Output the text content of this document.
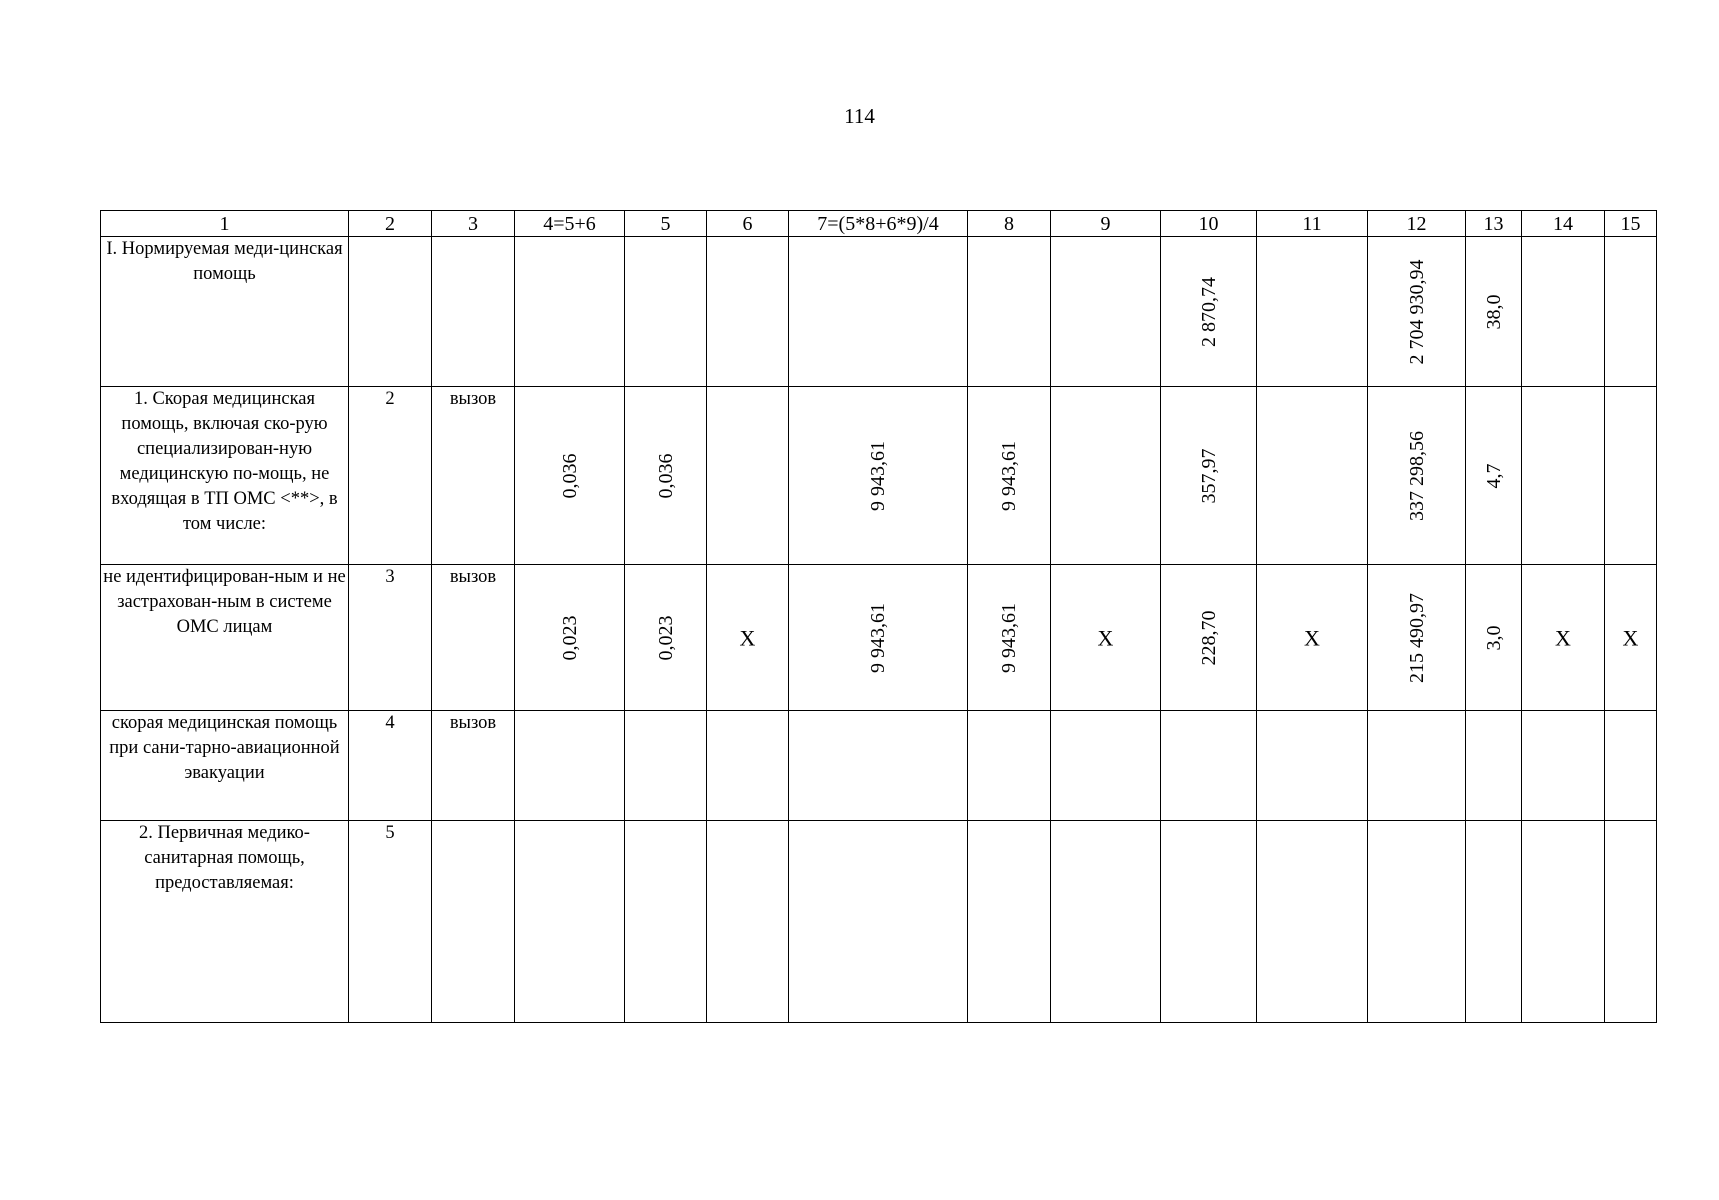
114
1	2	3	4=5+6	5	6	7=(5*8+6*9)/4	8	9	10	11	12	13	14	15
I. Нормируемая меди-цинская помощь									2 870,74		2 704 930,94	38,0		

1. Скорая медицинская помощь, включая ско-рую специализирован-ную медицинскую по-мощь, не входящая в ТП ОМС <**>, в том числе:	2	вызов	0,036	0,036		9 943,61	9 943,61		357,97		337 298,56	4,7		

не идентифицирован-ным и не застрахован-ным в системе ОМС лицам	3	вызов	0,023	0,023	Х	9 943,61	9 943,61	Х	228,70	Х	215 490,97	3,0	Х	Х

скорая медицинская помощь при сани-тарно-авиационной эвакуации	4	вызов	

2. Первичная медико-санитарная помощь, предоставляемая:	5		
